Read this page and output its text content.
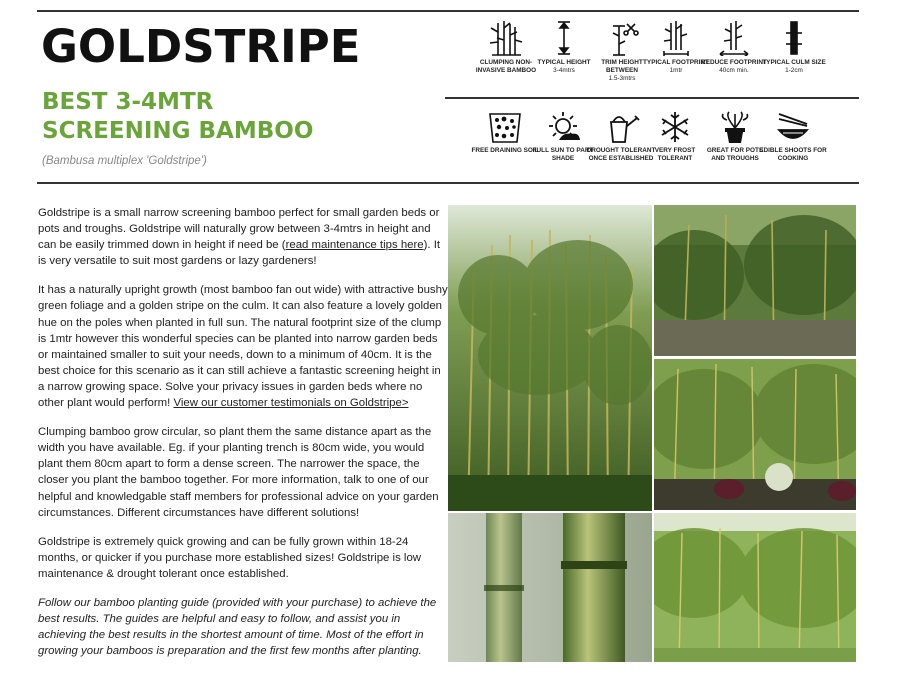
GOLDSTRIPE
BEST 3-4MTR
SCREENING BAMBOO
(Bambusa multiplex 'Goldstripe')
CLUMPING NON-INVASIVE BAMBOO
TYPICAL HEIGHT
3-4mtrs
TRIM HEIGHT BETWEEN
1.5-3mtrs
TYPICAL FOOTPRINT
1mtr
REDUCE FOOTPRINT
40cm min.
TYPICAL CULM SIZE
1-2cm
FREE DRAINING SOIL
FULL SUN TO PART SHADE
DROUGHT TOLERANT ONCE ESTABLISHED
VERY FROST TOLERANT
GREAT FOR POTS AND TROUGHS
EDIBLE SHOOTS FOR COOKING

Goldstripe is a small narrow screening bamboo perfect for small garden beds or pots and troughs. Goldstripe will naturally grow between 3-4mtrs in height and can be easily trimmed down in height if need be (read maintenance tips here). It is very versatile to suit most gardens or lazy gardeners!

It has a naturally upright growth (most bamboo fan out wide) with attractive bushy green foliage and a golden stripe on the culm. It can also feature a lovely golden hue on the poles when planted in full sun. The natural footprint size of the clump is 1mtr however this wonderful species can be planted into narrow garden beds or maintained smaller to suit your needs, down to a minimum of 40cm. It is the best choice for this scenario as it can still achieve a fantastic screening height in a narrow growing space. Solve your privacy issues in garden beds where no other plant would perform! View our customer testimonials on Goldstripe>

Clumping bamboo grow circular, so plant them the same distance apart as the width you have available. Eg. if your planting trench is 80cm wide, you would plant them 80cm apart to form a dense screen. The narrower the space, the closer you plant the bamboo together. For more information, talk to one of our helpful and knowledgable staff members for professional advice on your garden circumstances. Different circumstances have different solutions!

Goldstripe is extremely quick growing and can be fully grown within 18-24 months, or quicker if you purchase more established sizes! Goldstripe is low maintenance & drought tolerant once established.

Follow our bamboo planting guide (provided with your purchase) to achieve the best results. The guides are helpful and easy to follow, and assist you in achieving the best results in the shortest amount of time. Most of the effort in growing your bamboos is preparation and the first few months after planting.
